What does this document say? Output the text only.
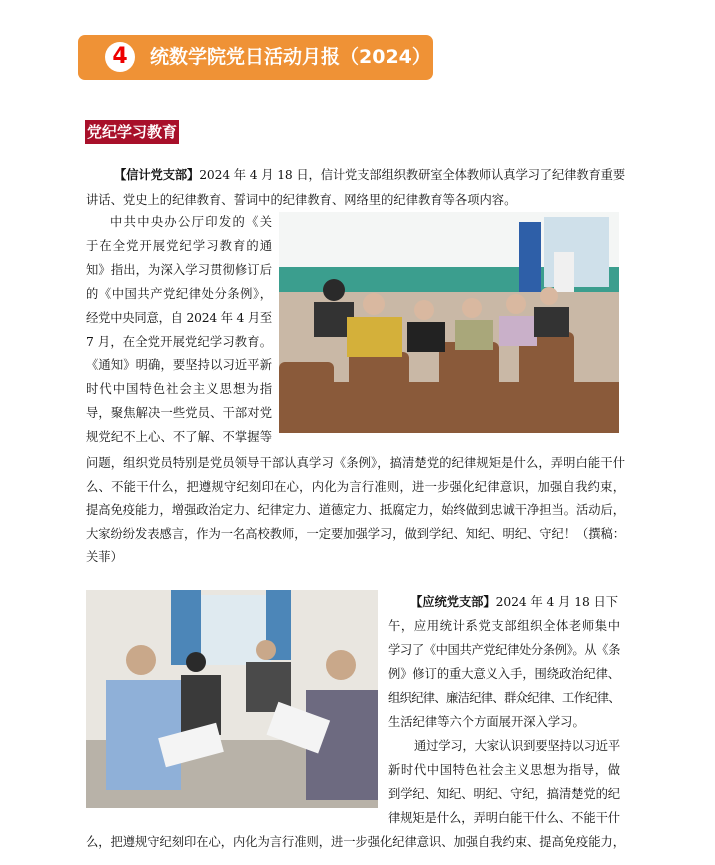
4	统数学院党日活动月报（2024）
党纪学习教育
【信计党支部】2024 年 4 月 18 日，信计党支部组织教研室全体教师认真学习了纪律教育重要
讲话、党史上的纪律教育、誓词中的纪律教育、网络里的纪律教育等各项内容。
中共中央办公厅印发的《关
于在全党开展党纪学习教育的通
知》指出，为深入学习贯彻修订后
的《中国共产党纪律处分条例》，
经党中央同意，自 2024 年 4 月至
7 月，在全党开展党纪学习教育。
《通知》明确，要坚持以习近平新
时代中国特色社会主义思想为指
导，聚焦解决一些党员、干部对党
规党纪不上心、不了解、不掌握等
问题，组织党员特别是党员领导干部认真学习《条例》，搞清楚党的纪律规矩是什么，弄明白能干什
么、不能干什么，把遵规守纪刻印在心，内化为言行准则，进一步强化纪律意识，加强自我约束，
提高免疫能力，增强政治定力、纪律定力、道德定力、抵腐定力，始终做到忠诚干净担当。活动后，
大家纷纷发表感言，作为一名高校教师，一定要加强学习，做到学纪、知纪、明纪、守纪！（撰稿：
关菲）
【应统党支部】2024 年 4 月 18 日下
午，应用统计系党支部组织全体老师集中
学习了《中国共产党纪律处分条例》。从《条
例》修订的重大意义入手，围绕政治纪律、
组织纪律、廉洁纪律、群众纪律、工作纪律、
生活纪律等六个方面展开深入学习。
通过学习，大家认识到要坚持以习近平
新时代中国特色社会主义思想为指导，做
到学纪、知纪、明纪、守纪，搞清楚党的纪
律规矩是什么，弄明白能干什么、不能干什
么，把遵规守纪刻印在心，内化为言行准则，进一步强化纪律意识、加强自我约束、提高免疫能力，
